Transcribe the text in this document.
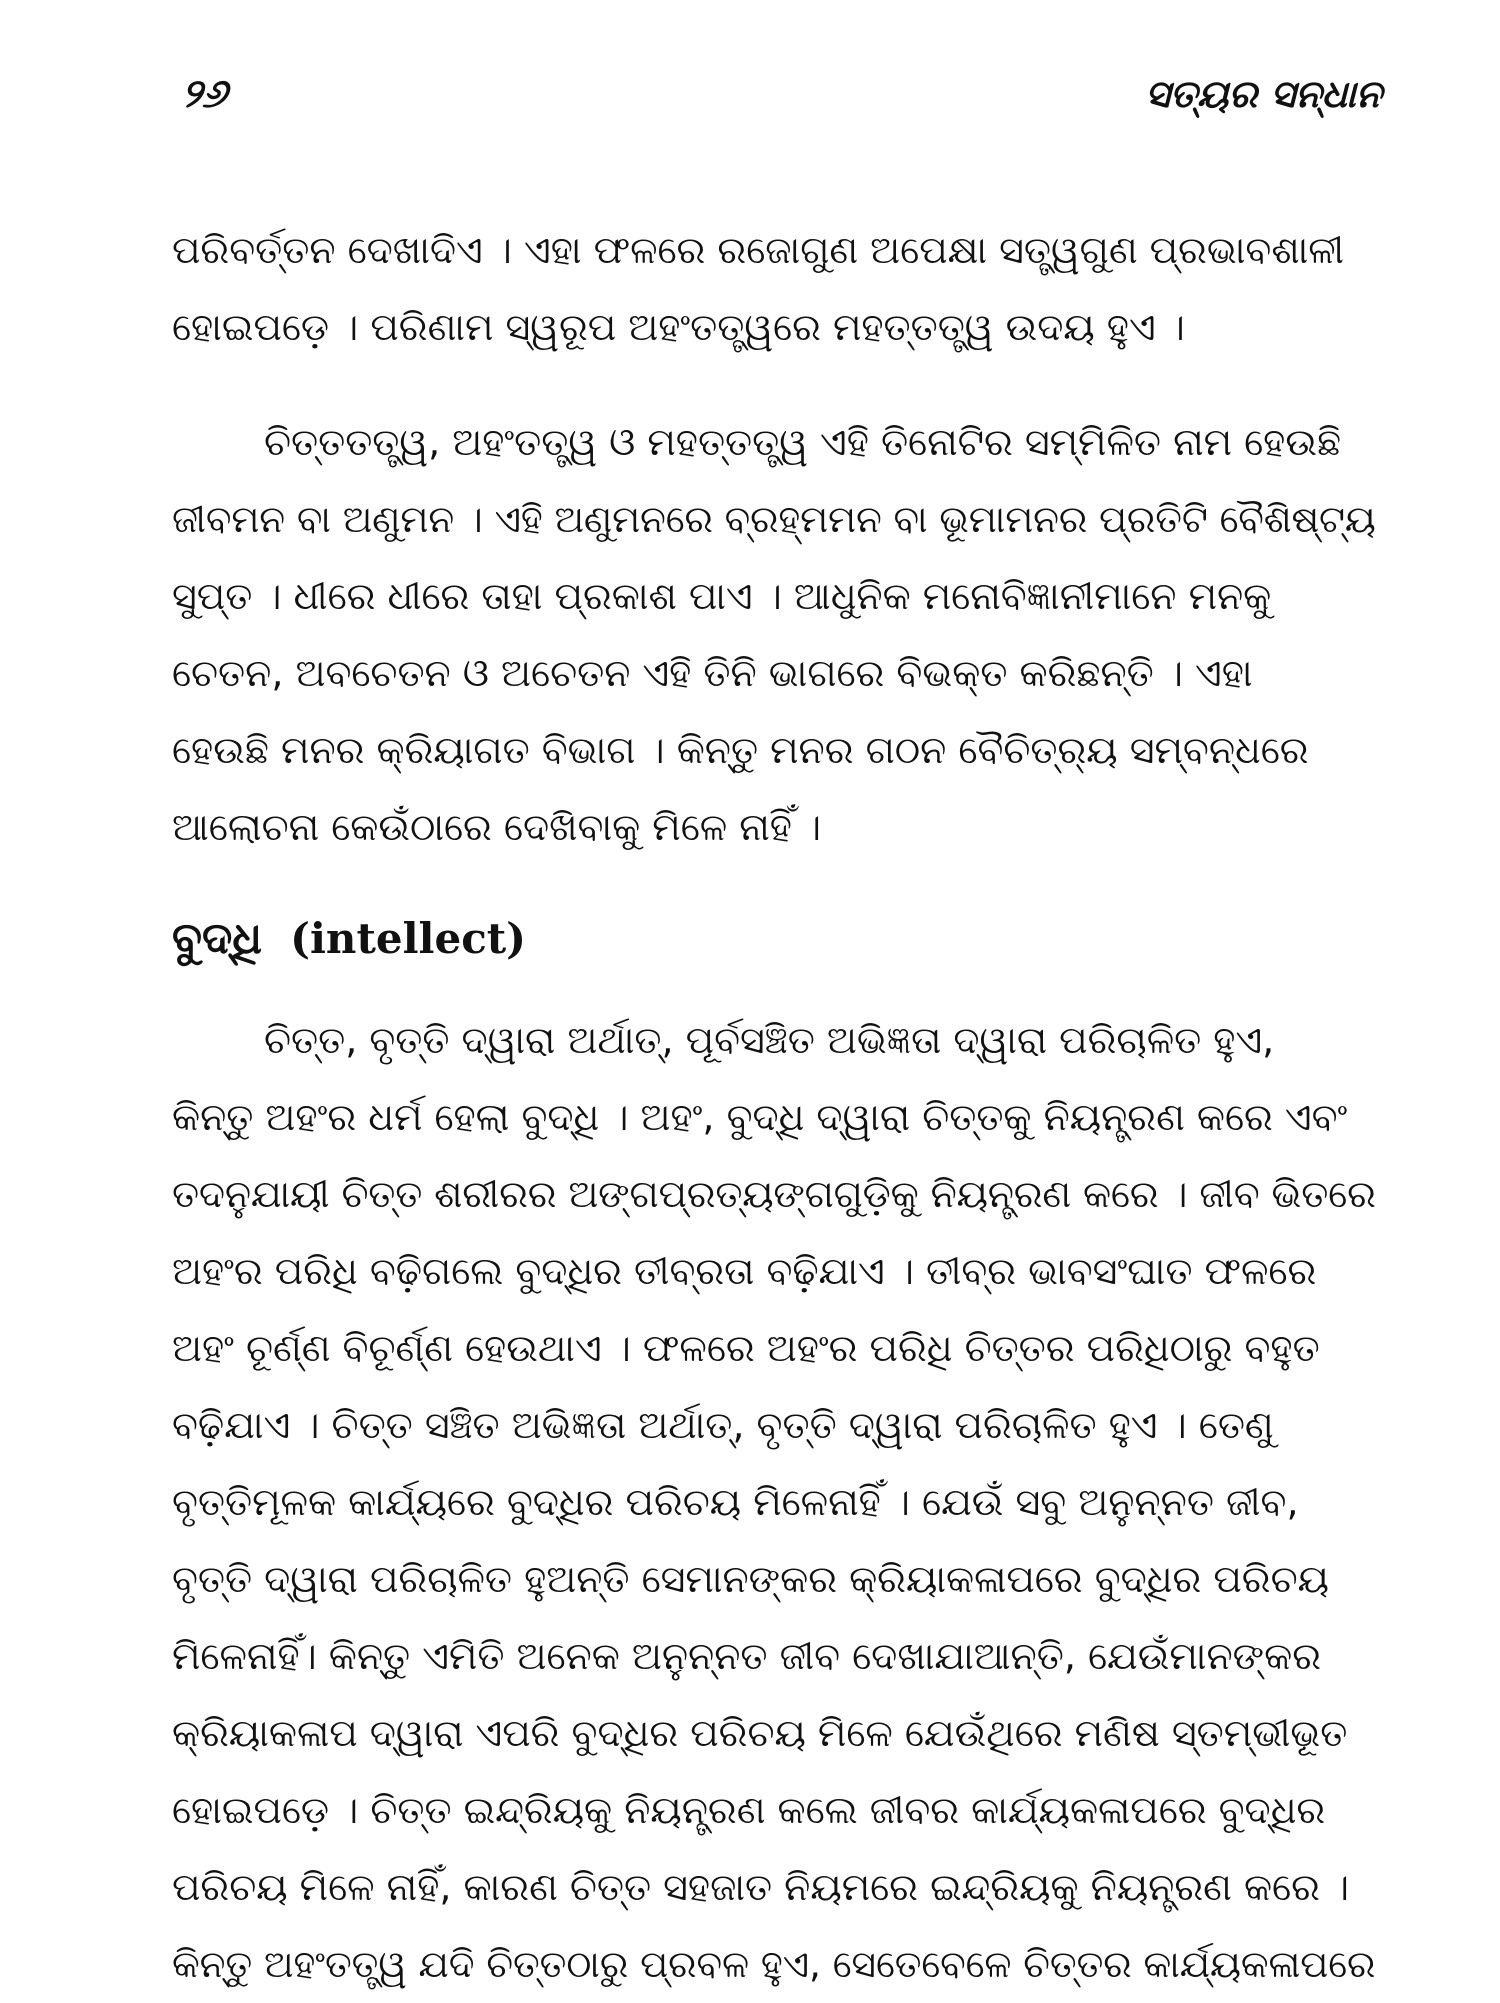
୨୬	ସତ୍ୟର ସନ୍ଧାନ

ପରିବର୍ତ୍ତନ ଦେଖାଦିଏ । ଏହା ଫଳରେ ରଜୋଗୁଣ ଅପେକ୍ଷା ସତ୍ତ୍ୱଗୁଣ ପ୍ରଭାବଶାଳୀ

ହୋଇପଡ଼େ । ପରିଣାମ ସ୍ୱରୂପ ଅହଂତତ୍ତ୍ୱରେ ମହତ୍‌ତତ୍ତ୍ୱ ଉଦୟ ହୁଏ ।

ଚିତ୍ତତତ୍ତ୍ୱ, ଅହଂତତ୍ତ୍ୱ ଓ ମହତ୍‌ତତ୍ତ୍ୱ ଏହି ତିନୋଟିର ସମ୍ମିଳିତ ନାମ ହେଉଛି

ଜୀବମନ ବା ଅଣୁମନ । ଏହି ଅଣୁମନରେ ବ୍ରହ୍ମମନ ବା ଭୂମାମନର ପ୍ରତିଟି ବୈଶିଷ୍ଟ୍ୟ

ସୁପ୍ତ । ଧୀରେ ଧୀରେ ତାହା ପ୍ରକାଶ ପାଏ । ଆଧୁନିକ ମନୋବିଜ୍ଞାନୀମାନେ ମନକୁ

ଚେତନ, ଅବଚେତନ ଓ ଅଚେତନ ଏହି ତିନି ଭାଗରେ ବିଭକ୍ତ କରିଛନ୍ତି । ଏହା

ହେଉଛି ମନର କ୍ରିୟାଗତ ବିଭାଗ । କିନ୍ତୁ ମନର ଗଠନ ବୈଚିତ୍ର୍ୟ ସମ୍ବନ୍ଧରେ

ଆଲୋଚନା କେଉଁଠାରେ ଦେଖିବାକୁ ମିଳେ ନାହିଁ ।

ବୁଦ୍ଧି (intellect)

ଚିତ୍ତ, ବୃତ୍ତି ଦ୍ୱାରା ଅର୍ଥାତ୍, ପୂର୍ବସଞ୍ଚିତ ଅଭିଜ୍ଞତା ଦ୍ୱାରା ପରିଚାଳିତ ହୁଏ,

କିନ୍ତୁ ଅହଂର ଧର୍ମ ହେଲା ବୁଦ୍ଧି । ଅହଂ, ବୁଦ୍ଧି ଦ୍ୱାରା ଚିତ୍ତକୁ ନିୟନ୍ତ୍ରଣ କରେ ଏବଂ

ତଦନୁଯାୟୀ ଚିତ୍ତ ଶରୀରର ଅଙ୍ଗପ୍ରତ୍ୟଙ୍ଗଗୁଡ଼ିକୁ ନିୟନ୍ତ୍ରଣ କରେ । ଜୀବ ଭିତରେ

ଅହଂର ପରିଧି ବଢ଼ିଗଲେ ବୁଦ୍ଧିର ତୀବ୍ରତା ବଢ଼ିଯାଏ । ତୀବ୍ର ଭାବସଂଘାତ ଫଳରେ

ଅହଂ ଚୂର୍ଣ୍ଣ ବିଚୂର୍ଣ୍ଣ ହେଉଥାଏ । ଫଳରେ ଅହଂର ପରିଧି ଚିତ୍ତର ପରିଧିଠାରୁ ବହୁତ

ବଢ଼ିଯାଏ । ଚିତ୍ତ ସଞ୍ଚିତ ଅଭିଜ୍ଞତା ଅର୍ଥାତ୍, ବୃତ୍ତି ଦ୍ୱାରା ପରିଚାଳିତ ହୁଏ । ତେଣୁ

ବୃତ୍ତିମୂଳକ କାର୍ଯ୍ୟରେ ବୁଦ୍ଧିର ପରିଚୟ ମିଳେନାହିଁ । ଯେଉଁ ସବୁ ଅନୁନ୍ନତ ଜୀବ,

ବୃତ୍ତି ଦ୍ୱାରା ପରିଚାଳିତ ହୁଅନ୍ତି ସେମାନଙ୍କର କ୍ରିୟାକଳାପରେ ବୁଦ୍ଧିର ପରିଚୟ

ମିଳେନାହିଁ। କିନ୍ତୁ ଏମିତି ଅନେକ ଅନୁନ୍ନତ ଜୀବ ଦେଖାଯାଆନ୍ତି, ଯେଉଁମାନଙ୍କର

କ୍ରିୟାକଳାପ ଦ୍ୱାରା ଏପରି ବୁଦ୍ଧିର ପରିଚୟ ମିଳେ ଯେଉଁଥିରେ ମଣିଷ ସ୍ତମ୍ଭୀଭୂତ

ହୋଇପଡ଼େ । ଚିତ୍ତ ଇନ୍ଦ୍ରିୟକୁ ନିୟନ୍ତ୍ରଣ କଲେ ଜୀବର କାର୍ଯ୍ୟକଳାପରେ ବୁଦ୍ଧିର

ପରିଚୟ ମିଳେ ନାହିଁ, କାରଣ ଚିତ୍ତ ସହଜାତ ନିୟମରେ ଇନ୍ଦ୍ରିୟକୁ ନିୟନ୍ତ୍ରଣ କରେ ।

କିନ୍ତୁ ଅହଂତତ୍ତ୍ୱ ଯଦି ଚିତ୍ତଠାରୁ ପ୍ରବଳ ହୁଏ, ସେତେବେଳେ ଚିତ୍ତର କାର୍ଯ୍ୟକଳାପରେ
